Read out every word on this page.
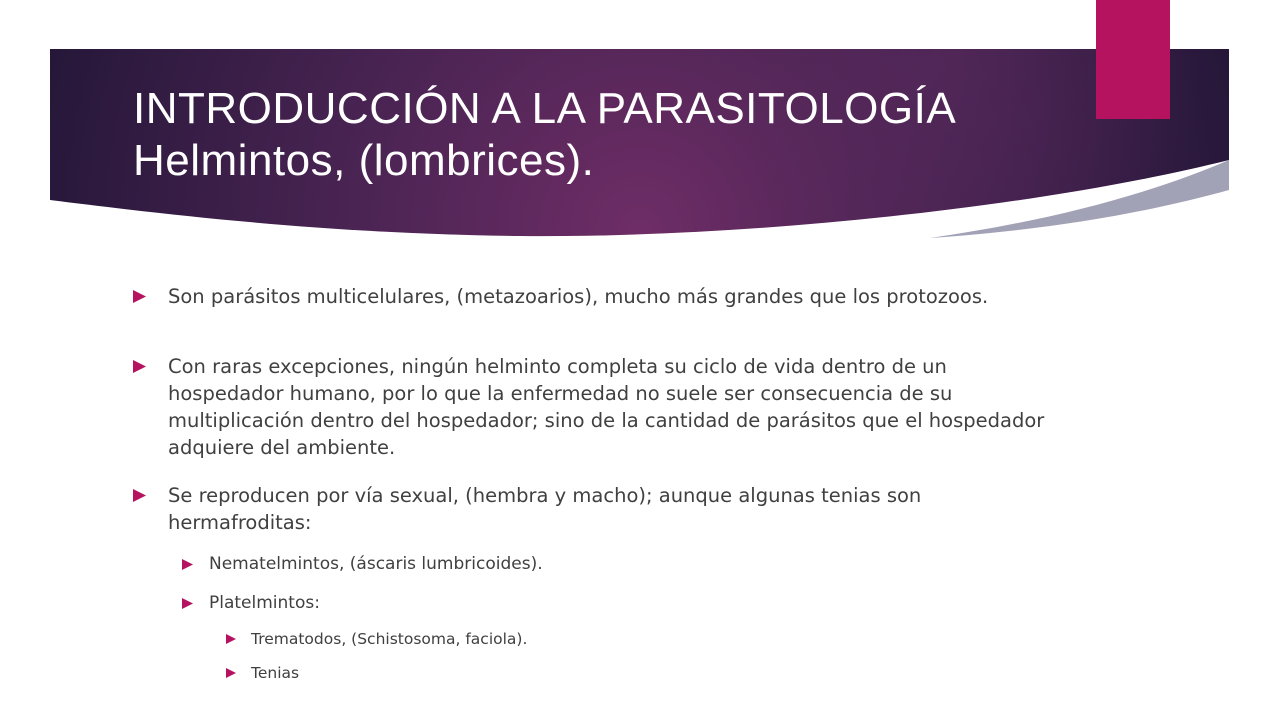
INTRODUCCIÓN A LA PARASITOLOGÍA
Helmintos, (lombrices).
Son parásitos multicelulares, (metazoarios), mucho más grandes que los protozoos.
Con raras excepciones, ningún helminto completa su ciclo de vida dentro de un hospedador humano, por lo que la enfermedad no suele ser consecuencia de su multiplicación dentro del hospedador; sino de la cantidad de parásitos que el hospedador adquiere del ambiente.
Se reproducen por vía sexual, (hembra y macho); aunque algunas tenias son hermafroditas:
Nematelmintos, (áscaris lumbricoides).
Platelmintos:
Trematodos, (Schistosoma, faciola).
Tenias
